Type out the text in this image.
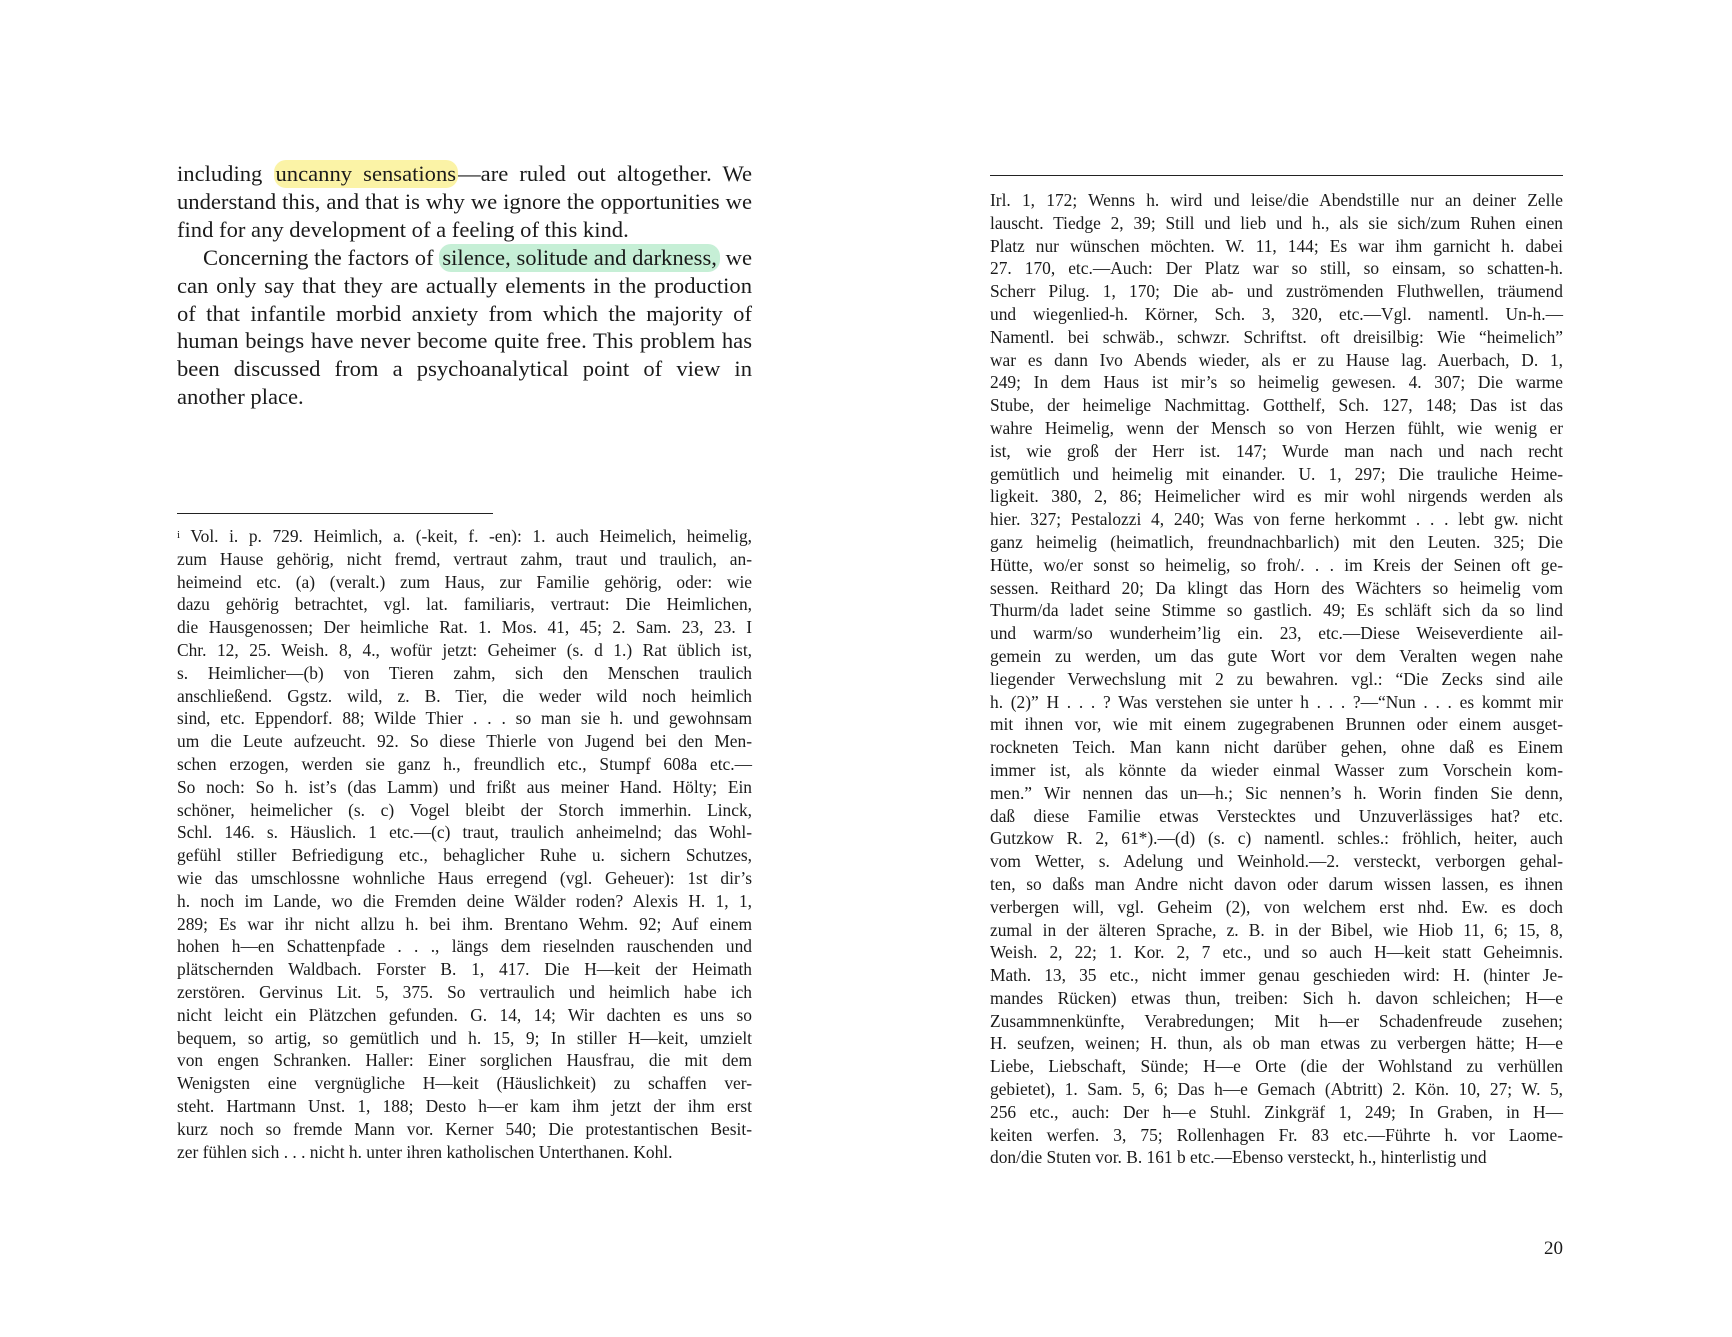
including uncanny sensations—are ruled out altogether. We understand this, and that is why we ignore the opportunities we find for any development of a feeling of this kind.

Concerning the factors of silence, solitude and darkness, we can only say that they are actually elements in the production of that infantile morbid anxiety from which the majority of human beings have never become quite free. This problem has been discussed from a psychoanalytical point of view in another place.

$^i$ Vol. i. p. 729. Heimlich, a. (-keit, f. -en): 1. auch Heimelich, heimelig,
zum Hause gehörig, nicht fremd, vertraut zahm, traut und traulich, an-
heimeind etc. (a) (veralt.) zum Haus, zur Familie gehörig, oder: wie
dazu gehörig betrachtet, vgl. lat. familiaris, vertraut: Die Heimlichen,
die Hausgenossen; Der heimliche Rat. 1. Mos. 41, 45; 2. Sam. 23, 23. I
Chr. 12, 25. Weish. 8, 4., wofür jetzt: Geheimer (s. d 1.) Rat üblich ist,
s. Heimlicher—(b) von Tieren zahm, sich den Menschen traulich
anschließend. Ggstz. wild, z. B. Tier, die weder wild noch heimlich
sind, etc. Eppendorf. 88; Wilde Thier . . . so man sie h. und gewohnsam
um die Leute aufzeucht. 92. So diese Thierle von Jugend bei den Men-
schen erzogen, werden sie ganz h., freundlich etc., Stumpf 608a etc.—
So noch: So h. ist’s (das Lamm) und frißt aus meiner Hand. Hölty; Ein
schöner, heimelicher (s. c) Vogel bleibt der Storch immerhin. Linck,
Schl. 146. s. Häuslich. 1 etc.—(c) traut, traulich anheimelnd; das Wohl-
gefühl stiller Befriedigung etc., behaglicher Ruhe u. sichern Schutzes,
wie das umschlossne wohnliche Haus erregend (vgl. Geheuer): 1st dir’s
h. noch im Lande, wo die Fremden deine Wälder roden? Alexis H. 1, 1,
289; Es war ihr nicht allzu h. bei ihm. Brentano Wehm. 92; Auf einem
hohen h—en Schattenpfade . . ., längs dem rieselnden rauschenden und
plätschernden Waldbach. Forster B. 1, 417. Die H—keit der Heimath
zerstören. Gervinus Lit. 5, 375. So vertraulich und heimlich habe ich
nicht leicht ein Plätzchen gefunden. G. 14, 14; Wir dachten es uns so
bequem, so artig, so gemütlich und h. 15, 9; In stiller H—keit, umzielt
von engen Schranken. Haller: Einer sorglichen Hausfrau, die mit dem
Wenigsten eine vergnügliche H—keit (Häuslichkeit) zu schaffen ver-
steht. Hartmann Unst. 1, 188; Desto h—er kam ihm jetzt der ihm erst
kurz noch so fremde Mann vor. Kerner 540; Die protestantischen Besit-
zer fühlen sich . . . nicht h. unter ihren katholischen Unterthanen. Kohl.
Irl. 1, 172; Wenns h. wird und leise/die Abendstille nur an deiner Zelle
lauscht. Tiedge 2, 39; Still und lieb und h., als sie sich/zum Ruhen einen
Platz nur wünschen möchten. W. 11, 144; Es war ihm garnicht h. dabei
27. 170, etc.—Auch: Der Platz war so still, so einsam, so schatten-h.
Scherr Pilug. 1, 170; Die ab- und zuströmenden Fluthwellen, träumend
und wiegenlied-h. Körner, Sch. 3, 320, etc.—Vgl. namentl. Un-h.—
Namentl. bei schwäb., schwzr. Schriftst. oft dreisilbig: Wie “heimelich”
war es dann Ivo Abends wieder, als er zu Hause lag. Auerbach, D. 1,
249; In dem Haus ist mir’s so heimelig gewesen. 4. 307; Die warme
Stube, der heimelige Nachmittag. Gotthelf, Sch. 127, 148; Das ist das
wahre Heimelig, wenn der Mensch so von Herzen fühlt, wie wenig er
ist, wie groß der Herr ist. 147; Wurde man nach und nach recht
gemütlich und heimelig mit einander. U. 1, 297; Die trauliche Heime-
ligkeit. 380, 2, 86; Heimelicher wird es mir wohl nirgends werden als
hier. 327; Pestalozzi 4, 240; Was von ferne herkommt . . . lebt gw. nicht
ganz heimelig (heimatlich, freundnachbarlich) mit den Leuten. 325; Die
Hütte, wo/er sonst so heimelig, so froh/. . . im Kreis der Seinen oft ge-
sessen. Reithard 20; Da klingt das Horn des Wächters so heimelig vom
Thurm/da ladet seine Stimme so gastlich. 49; Es schläft sich da so lind
und warm/so wunderheim’lig ein. 23, etc.—Diese Weiseverdiente ail-
gemein zu werden, um das gute Wort vor dem Veralten wegen nahe
liegender Verwechslung mit 2 zu bewahren. vgl.: “Die Zecks sind aile
h. (2)” H . . . ? Was verstehen sie unter h . . . ?—“Nun . . . es kommt mir
mit ihnen vor, wie mit einem zugegrabenen Brunnen oder einem ausget-
rockneten Teich. Man kann nicht darüber gehen, ohne daß es Einem
immer ist, als könnte da wieder einmal Wasser zum Vorschein kom-
men.” Wir nennen das un—h.; Sic nennen’s h. Worin finden Sie denn,
daß diese Familie etwas Verstecktes und Unzuverlässiges hat? etc.
Gutzkow R. 2, 61*).—(d) (s. c) namentl. schles.: fröhlich, heiter, auch
vom Wetter, s. Adelung und Weinhold.—2. versteckt, verborgen gehal-
ten, so daßs man Andre nicht davon oder darum wissen lassen, es ihnen
verbergen will, vgl. Geheim (2), von welchem erst nhd. Ew. es doch
zumal in der älteren Sprache, z. B. in der Bibel, wie Hiob 11, 6; 15, 8,
Weish. 2, 22; 1. Kor. 2, 7 etc., und so auch H—keit statt Geheimnis.
Math. 13, 35 etc., nicht immer genau geschieden wird: H. (hinter Je-
mandes Rücken) etwas thun, treiben: Sich h. davon schleichen; H—e
Zusammnenkünfte, Verabredungen; Mit h—er Schadenfreude zusehen;
H. seufzen, weinen; H. thun, als ob man etwas zu verbergen hätte; H—e
Liebe, Liebschaft, Sünde; H—e Orte (die der Wohlstand zu verhüllen
gebietet), 1. Sam. 5, 6; Das h—e Gemach (Abtritt) 2. Kön. 10, 27; W. 5,
256 etc., auch: Der h—e Stuhl. Zinkgräf 1, 249; In Graben, in H—
keiten werfen. 3, 75; Rollenhagen Fr. 83 etc.—Führte h. vor Laome-
don/die Stuten vor. B. 161 b etc.—Ebenso versteckt, h., hinterlistig und
20
